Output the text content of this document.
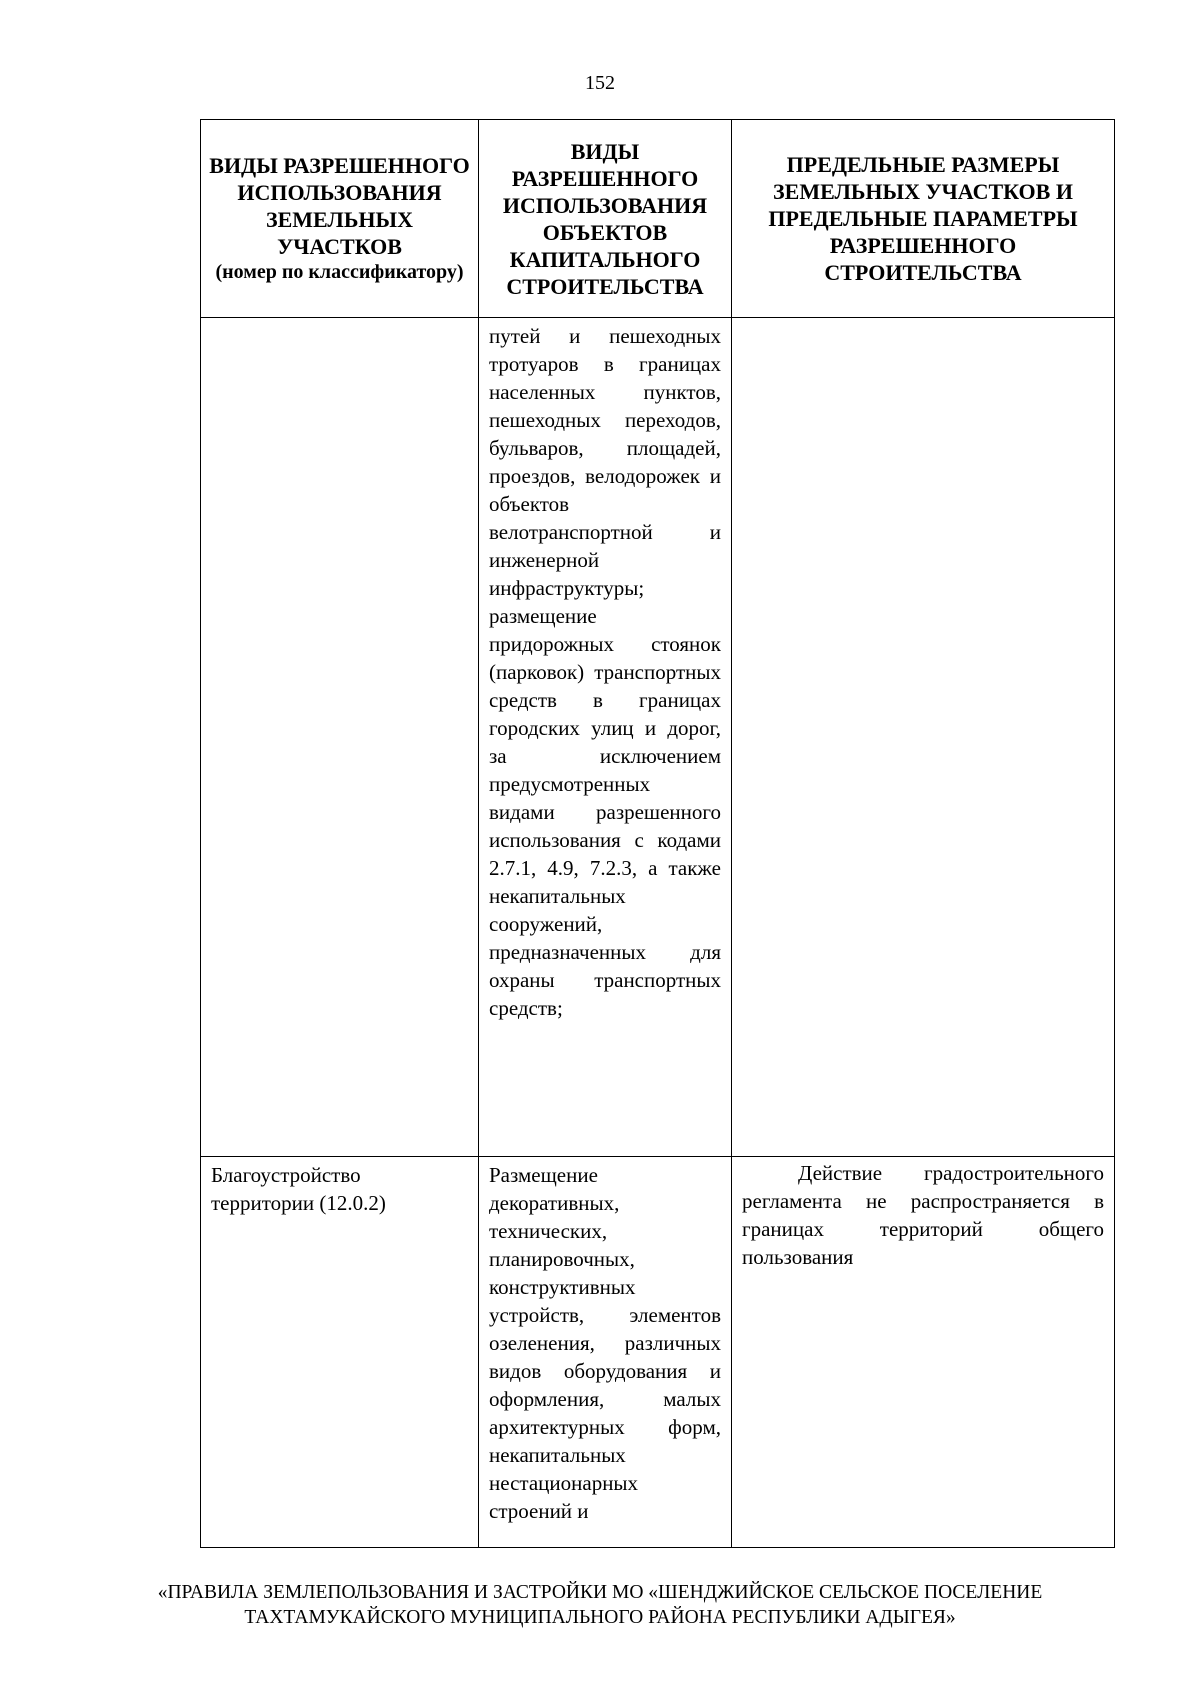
152
ВИДЫ РАЗРЕШЕННОГО ИСПОЛЬЗОВАНИЯ ЗЕМЕЛЬНЫХ УЧАСТКОВ
(номер по классификатору)	ВИДЫ РАЗРЕШЕННОГО ИСПОЛЬЗОВАНИЯ ОБЪЕКТОВ КАПИТАЛЬНОГО СТРОИТЕЛЬСТВА	ПРЕДЕЛЬНЫЕ РАЗМЕРЫ ЗЕМЕЛЬНЫХ УЧАСТКОВ И ПРЕДЕЛЬНЫЕ ПАРАМЕТРЫ РАЗРЕШЕННОГО СТРОИТЕЛЬСТВА

	путей и пешеходных тротуаров в границах населенных пунктов, пешеходных переходов, бульваров, площадей, проездов, велодорожек и объектов велотранспортной и инженерной инфраструктуры; размещение придорожных стоянок (парковок) транспортных средств в границах городских улиц и дорог, за исключением предусмотренных видами разрешенного использования с кодами 2.7.1, 4.9, 7.2.3, а также некапитальных сооружений, предназначенных для охраны транспортных средств;	

Благоустройство территории (12.0.2)	Размещение декоративных, технических, планировочных, конструктивных устройств, элементов озеленения, различных видов оборудования и оформления, малых архитектурных форм, некапитальных нестационарных строений и	Действие градостроительного регламента не распространяется в границах территорий общего пользования
«ПРАВИЛА ЗЕМЛЕПОЛЬЗОВАНИЯ И ЗАСТРОЙКИ МО «ШЕНДЖИЙСКОЕ СЕЛЬСКОЕ ПОСЕЛЕНИЕ
ТАХТАМУКАЙСКОГО МУНИЦИПАЛЬНОГО РАЙОНА РЕСПУБЛИКИ АДЫГЕЯ»
